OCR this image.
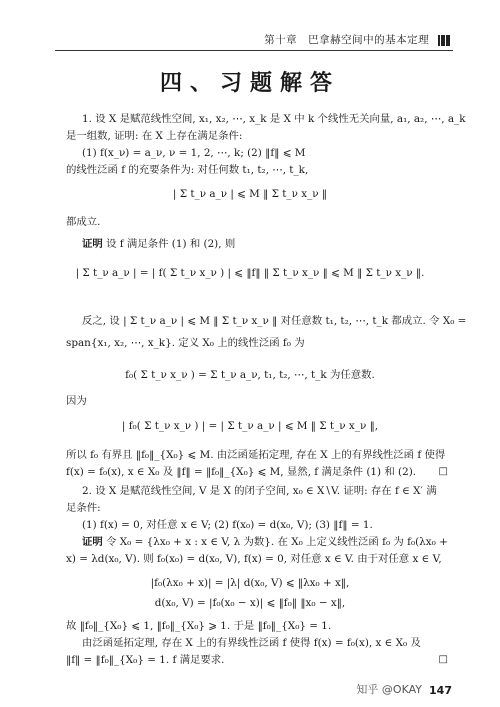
第十章　巴拿赫空间中的基本定理
四、习题解答
1. 设 X 是赋范线性空间, x₁, x₂, ⋯, x_k 是 X 中 k 个线性无关向量, a₁, a₂, ⋯, a_k
是一组数, 证明: 在 X 上存在满足条件:
(1) f(x_ν) = a_ν, ν = 1, 2, ⋯, k; (2) ‖f‖ ⩽ M
的线性泛函 f 的充要条件为: 对任何数 t₁, t₂, ⋯, t_k,
| Σ t_ν a_ν | ⩽ M ‖ Σ t_ν x_ν ‖
都成立.
证明 设 f 满足条件 (1) 和 (2), 则
| Σ t_ν a_ν | = | f( Σ t_ν x_ν ) | ⩽ ‖f‖ ‖ Σ t_ν x_ν ‖ ⩽ M ‖ Σ t_ν x_ν ‖.
反之, 设 | Σ t_ν a_ν | ⩽ M ‖ Σ t_ν x_ν ‖ 对任意数 t₁, t₂, ⋯, t_k 都成立. 令 X₀ =
span{x₁, x₂, ⋯, x_k}. 定义 X₀ 上的线性泛函 f₀ 为
f₀( Σ t_ν x_ν ) = Σ t_ν a_ν, t₁, t₂, ⋯, t_k 为任意数.
因为
| f₀( Σ t_ν x_ν ) | = | Σ t_ν a_ν | ⩽ M ‖ Σ t_ν x_ν ‖,
所以 f₀ 有界且 ‖f₀‖_{X₀} ⩽ M. 由泛函延拓定理, 存在 X 上的有界线性泛函 f 使得
f(x) = f₀(x), x ∈ X₀ 及 ‖f‖ = ‖f₀‖_{X₀} ⩽ M, 显然, f 满足条件 (1) 和 (2).	□
2. 设 X 是赋范线性空间, V 是 X 的闭子空间, x₀ ∈ X∖V. 证明: 存在 f ∈ X′ 满
足条件:
(1) f(x) = 0, 对任意 x ∈ V; (2) f(x₀) = d(x₀, V); (3) ‖f‖ = 1.
证明 令 X₀ = {λx₀ + x : x ∈ V, λ 为数}. 在 X₀ 上定义线性泛函 f₀ 为 f₀(λx₀ +
x) = λd(x₀, V). 则 f₀(x₀) = d(x₀, V), f(x) = 0, 对任意 x ∈ V. 由于对任意 x ∈ V,
|f₀(λx₀ + x)| = |λ| d(x₀, V) ⩽ ‖λx₀ + x‖,
d(x₀, V) = |f₀(x₀ − x)| ⩽ ‖f₀‖ ‖x₀ − x‖,
故 ‖f₀‖_{X₀} ⩽ 1, ‖f₀‖_{X₀} ⩾ 1. 于是 ‖f₀‖_{X₀} = 1.
由泛函延拓定理, 存在 X 上的有界线性泛函 f 使得 f(x) = f₀(x), x ∈ X₀ 及
‖f‖ = ‖f₀‖_{X₀} = 1. f 满足要求.	□
知乎 @OKAY 147
